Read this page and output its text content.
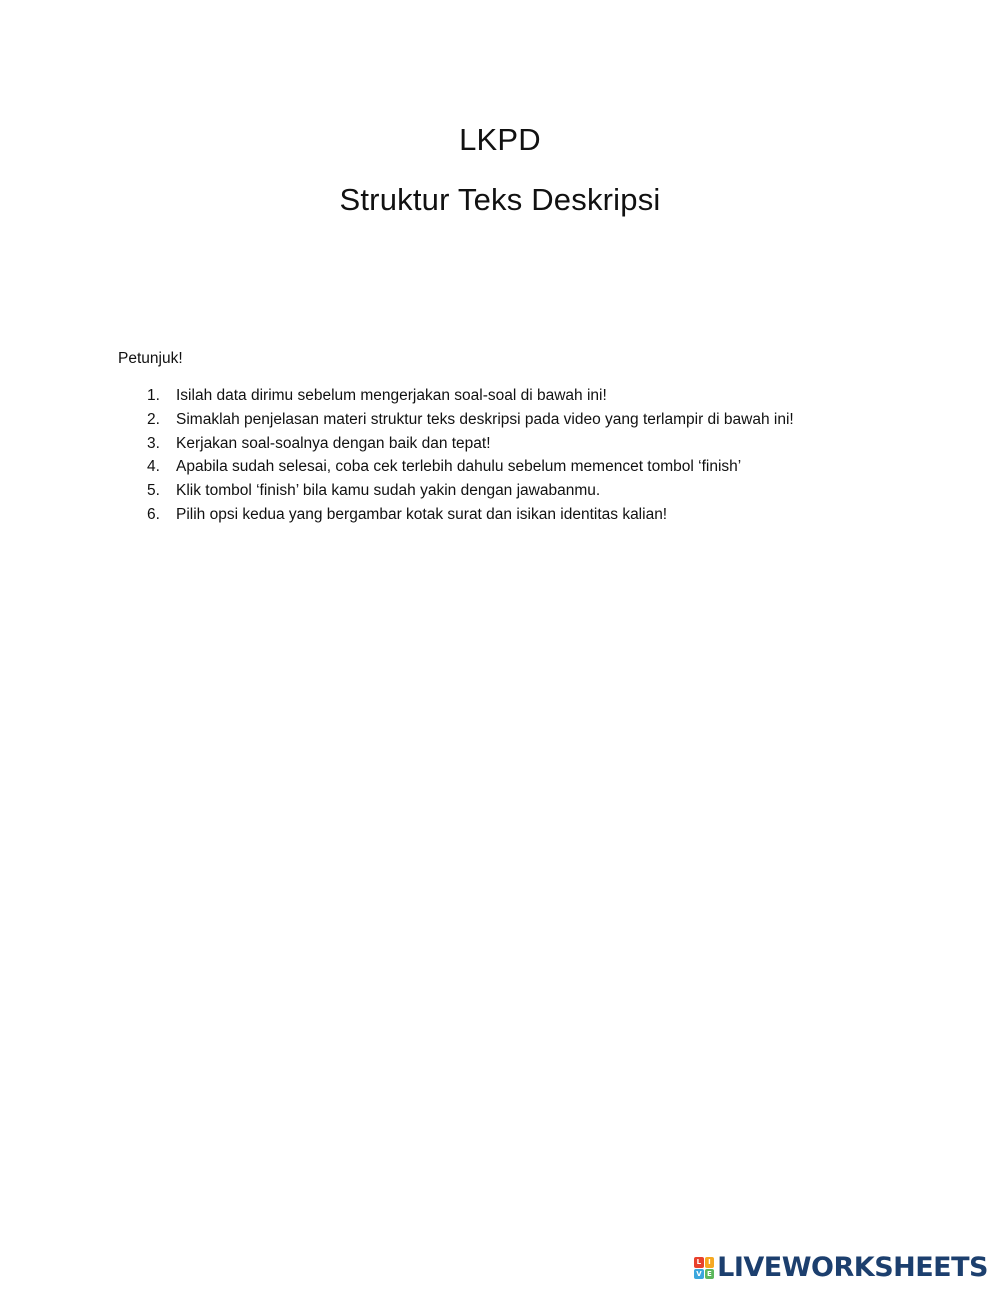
LKPD
Struktur Teks Deskripsi

Petunjuk!

1. Isilah data dirimu sebelum mengerjakan soal-soal di bawah ini!
2. Simaklah penjelasan materi struktur teks deskripsi pada video yang terlampir di bawah ini!
3. Kerjakan soal-soalnya dengan baik dan tepat!
4. Apabila sudah selesai, coba cek terlebih dahulu sebelum memencet tombol ‘finish’
5. Klik tombol ‘finish’ bila kamu sudah yakin dengan jawabanmu.
6. Pilih opsi kedua yang bergambar kotak surat dan isikan identitas kalian!
L I
V E LIVEWORKSHEETS
